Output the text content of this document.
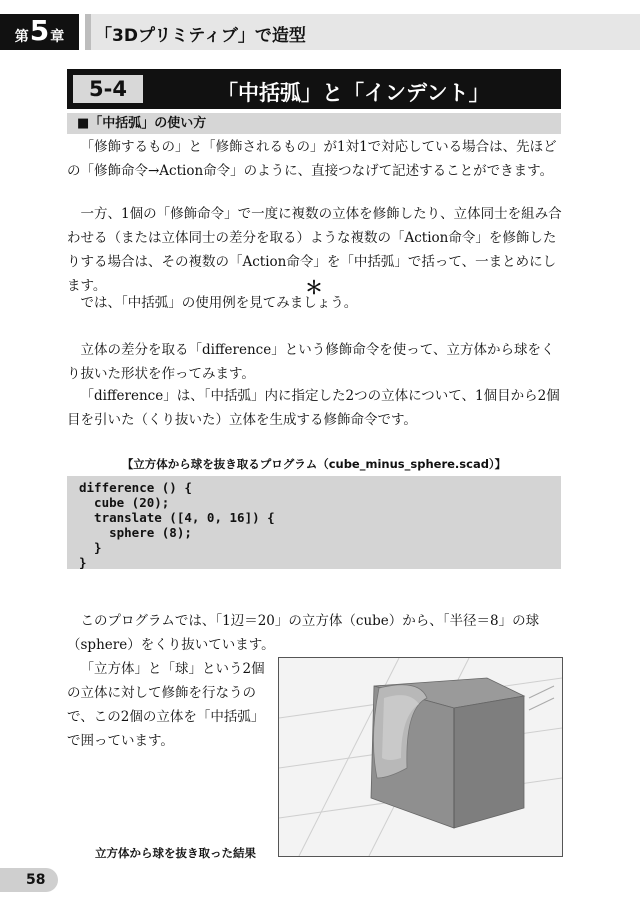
第 5 章 「3Dプリミティブ」で造型
5-4	「中括弧」と「インデント」
■「中括弧」の使い方

「修飾するもの」と「修飾されるもの」が1対1で対応している場合は、先ほどの「修飾命令→Action命令」のように、直接つなげて記述することができます。

一方、1個の「修飾命令」で一度に複数の立体を修飾したり、立体同士を組み合わせる（または立体同士の差分を取る）ような複数の「Action命令」を修飾したりする場合は、その複数の「Action命令」を「中括弧」で括って、一まとめにします。	＊

では、「中括弧」の使用例を見てみましょう。

立体の差分を取る「difference」という修飾命令を使って、立方体から球をくり抜いた形状を作ってみます。

「difference」は、「中括弧」内に指定した2つの立体について、1個目から2個目を引いた（くり抜いた）立体を生成する修飾命令です。

【立方体から球を抜き取るプログラム（cube_minus_sphere.scad）】
difference () {
cube (20);
translate ([4, 0, 16]) {
sphere (8);
}
}

このプログラムでは、「1辺＝20」の立方体（cube）から、「半径＝8」の球（sphere）をくり抜いています。

「立方体」と「球」という2個の立体に対して修飾を行なうので、この2個の立体を「中括弧」で囲っています。

立方体から球を抜き取った結果
58
